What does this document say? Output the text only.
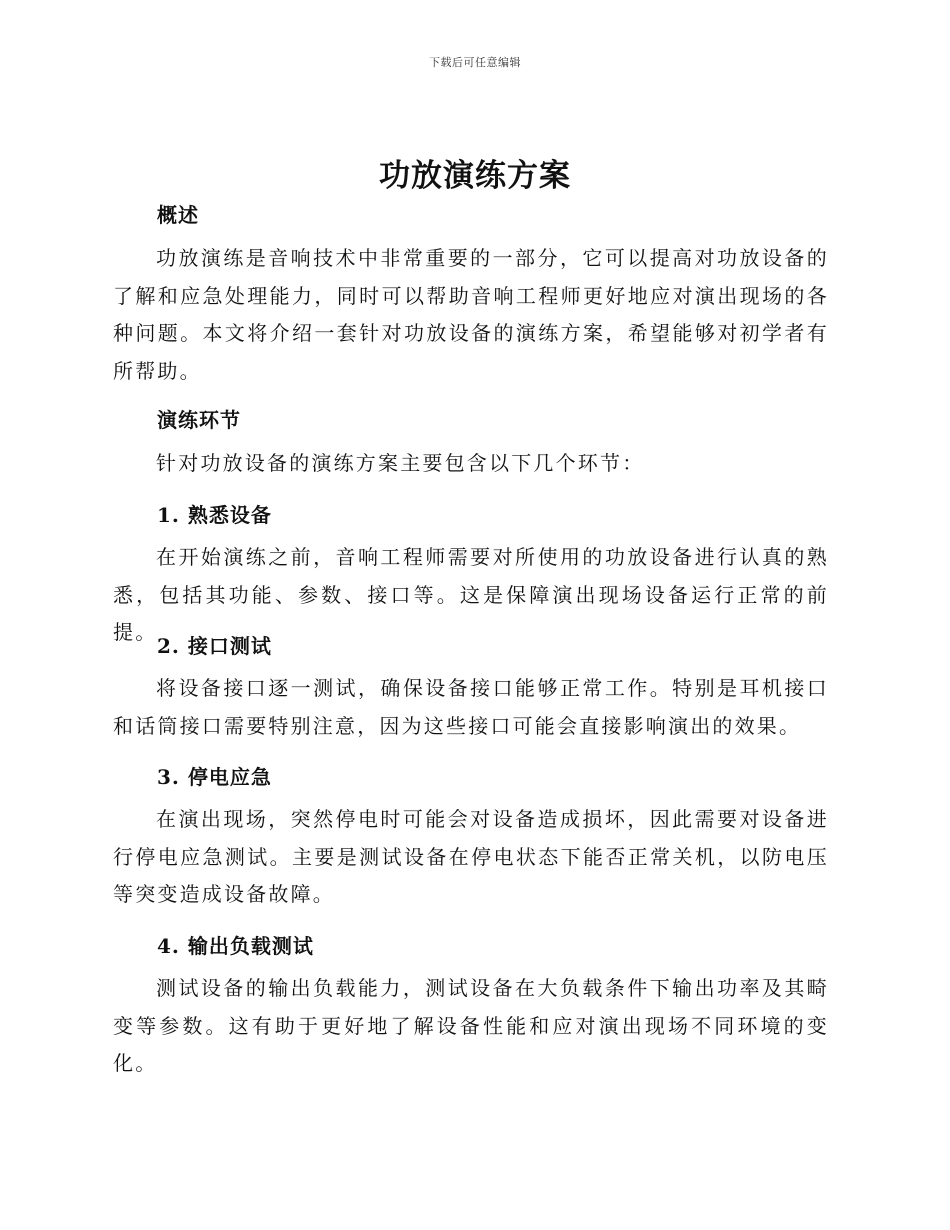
下载后可任意编辑
功放演练方案
概述

功放演练是音响技术中非常重要的一部分，它可以提高对功放设备的了解和应急处理能力，同时可以帮助音响工程师更好地应对演出现场的各种问题。本文将介绍一套针对功放设备的演练方案，希望能够对初学者有所帮助。

演练环节

针对功放设备的演练方案主要包含以下几个环节：

1. 熟悉设备

在开始演练之前，音响工程师需要对所使用的功放设备进行认真的熟悉，包括其功能、参数、接口等。这是保障演出现场设备运行正常的前提。

2. 接口测试

将设备接口逐一测试，确保设备接口能够正常工作。特别是耳机接口和话筒接口需要特别注意，因为这些接口可能会直接影响演出的效果。

3. 停电应急

在演出现场，突然停电时可能会对设备造成损坏，因此需要对设备进行停电应急测试。主要是测试设备在停电状态下能否正常关机，以防电压等突变造成设备故障。

4. 输出负载测试

测试设备的输出负载能力，测试设备在大负载条件下输出功率及其畸变等参数。这有助于更好地了解设备性能和应对演出现场不同环境的变化。
